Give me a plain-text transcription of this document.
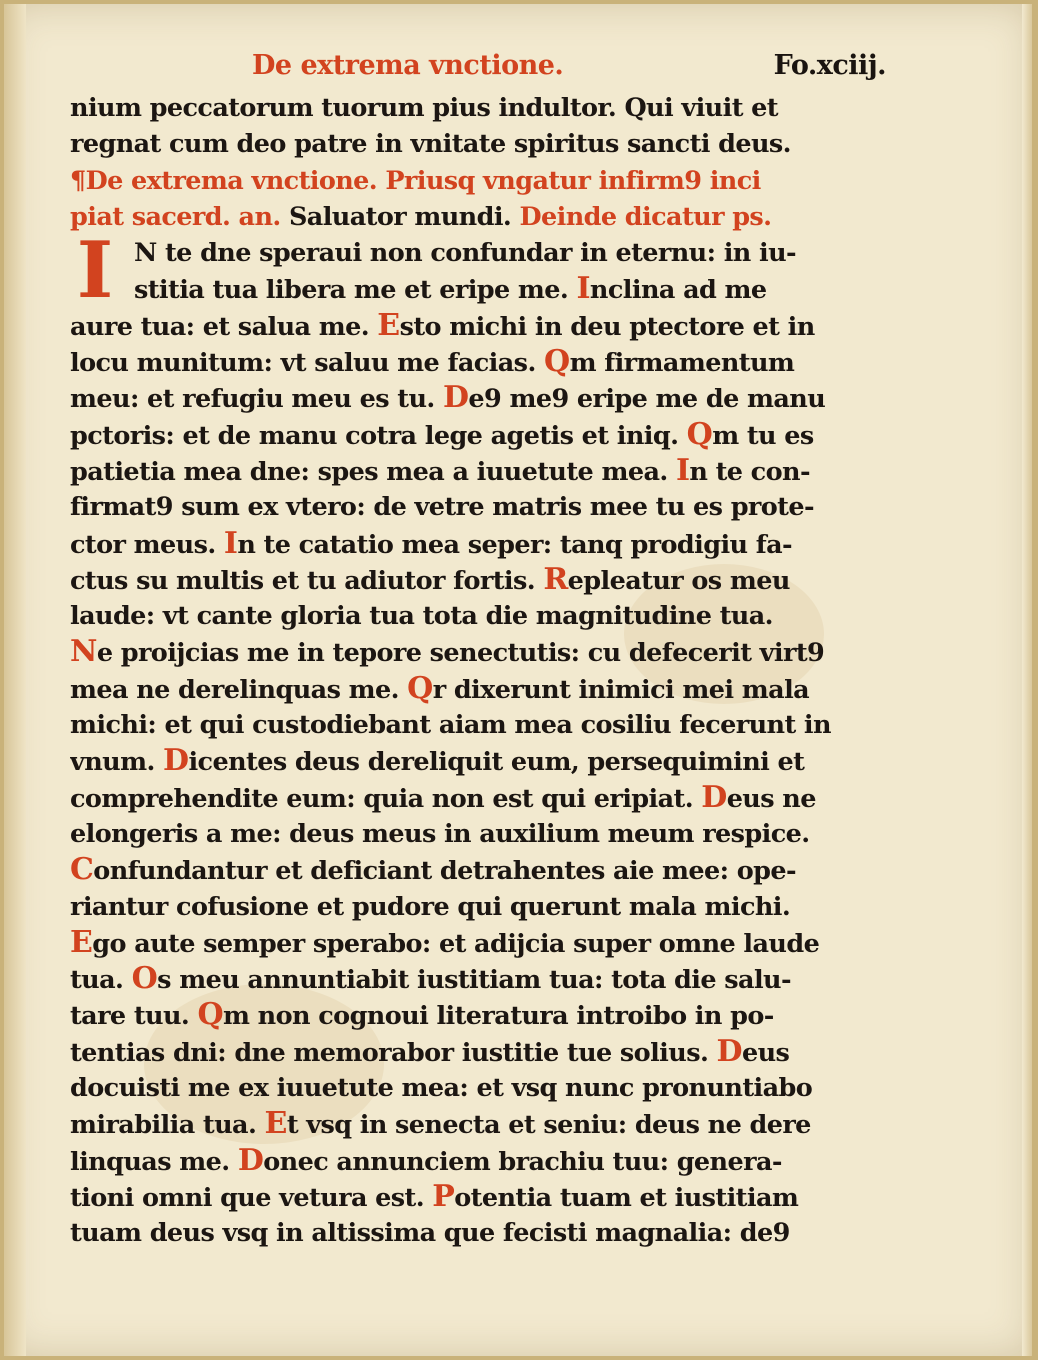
De extrema vnctione.	Fo.xciij.
nium peccatorum tuorum pius indultor. Qui viuit et
regnat cum deo patre in vnitate spiritus sancti deus.
¶De extrema vnctione. Priusq vngatur infirm9 inci
piat sacerd. an. Saluator mundi. Deinde dicatur ps.
I N te dne speraui non confundar in eternu: in iu-
stitia tua libera me et eripe me. Inclina ad me
aure tua: et salua me. Esto michi in deu ptectore et in
locu munitum: vt saluu me facias. Qm firmamentum
meu: et refugiu meu es tu. De9 me9 eripe me de manu
pctoris: et de manu cotra lege agetis et iniq. Qm tu es
patietia mea dne: spes mea a iuuetute mea. In te con-
firmat9 sum ex vtero: de vetre matris mee tu es prote-
ctor meus. In te catatio mea seper: tanq prodigiu fa-
ctus su multis et tu adiutor fortis. Repleatur os meu
laude: vt cante gloria tua tota die magnitudine tua.
Ne proijcias me in tepore senectutis: cu defecerit virt9
mea ne derelinquas me. Qr dixerunt inimici mei mala
michi: et qui custodiebant aiam mea cosiliu fecerunt in
vnum. Dicentes deus dereliquit eum, persequimini et
comprehendite eum: quia non est qui eripiat. Deus ne
elongeris a me: deus meus in auxilium meum respice.
Confundantur et deficiant detrahentes aie mee: ope-
riantur cofusione et pudore qui querunt mala michi.
Ego aute semper sperabo: et adijcia super omne laude
tua. Os meu annuntiabit iustitiam tua: tota die salu-
tare tuu. Qm non cognoui literatura introibo in po-
tentias dni: dne memorabor iustitie tue solius. Deus
docuisti me ex iuuetute mea: et vsq nunc pronuntiabo
mirabilia tua. Et vsq in senecta et seniu: deus ne dere
linquas me. Donec annunciem brachiu tuu: genera-
tioni omni que vetura est. Potentia tuam et iustitiam
tuam deus vsq in altissima que fecisti magnalia: de9
